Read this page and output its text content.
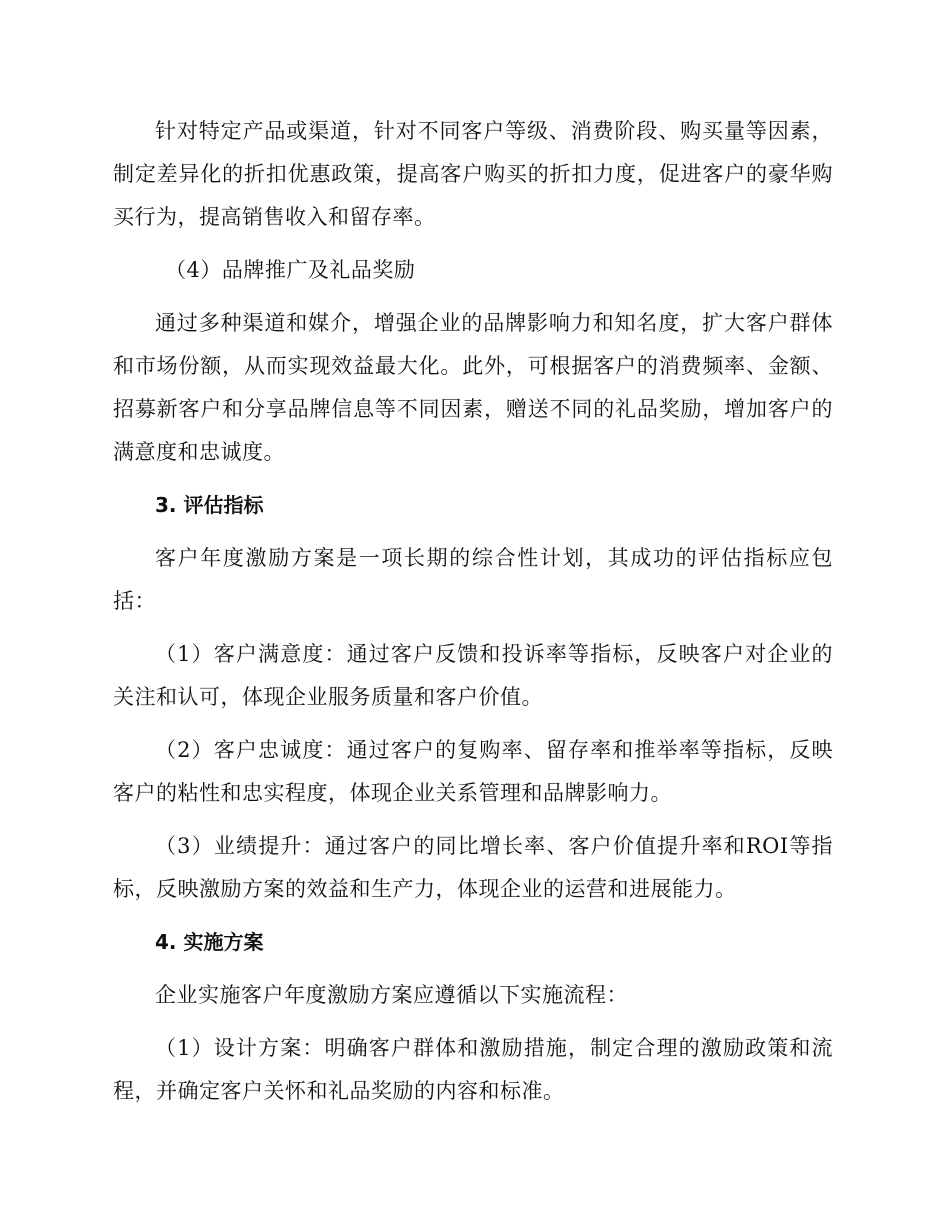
针对特定产品或渠道，针对不同客户等级、消费阶段、购买量等因素，制定差异化的折扣优惠政策，提高客户购买的折扣力度，促进客户的豪华购买行为，提高销售收入和留存率。

（4）品牌推广及礼品奖励

通过多种渠道和媒介，增强企业的品牌影响力和知名度，扩大客户群体和市场份额，从而实现效益最大化。此外，可根据客户的消费频率、金额、招募新客户和分享品牌信息等不同因素，赠送不同的礼品奖励，增加客户的满意度和忠诚度。

3. 评估指标

客户年度激励方案是一项长期的综合性计划，其成功的评估指标应包括：

（1）客户满意度：通过客户反馈和投诉率等指标，反映客户对企业的关注和认可，体现企业服务质量和客户价值。

（2）客户忠诚度：通过客户的复购率、留存率和推举率等指标，反映客户的粘性和忠实程度，体现企业关系管理和品牌影响力。

（3）业绩提升：通过客户的同比增长率、客户价值提升率和ROI等指标，反映激励方案的效益和生产力，体现企业的运营和进展能力。

4. 实施方案

企业实施客户年度激励方案应遵循以下实施流程：

（1）设计方案：明确客户群体和激励措施，制定合理的激励政策和流程，并确定客户关怀和礼品奖励的内容和标准。
